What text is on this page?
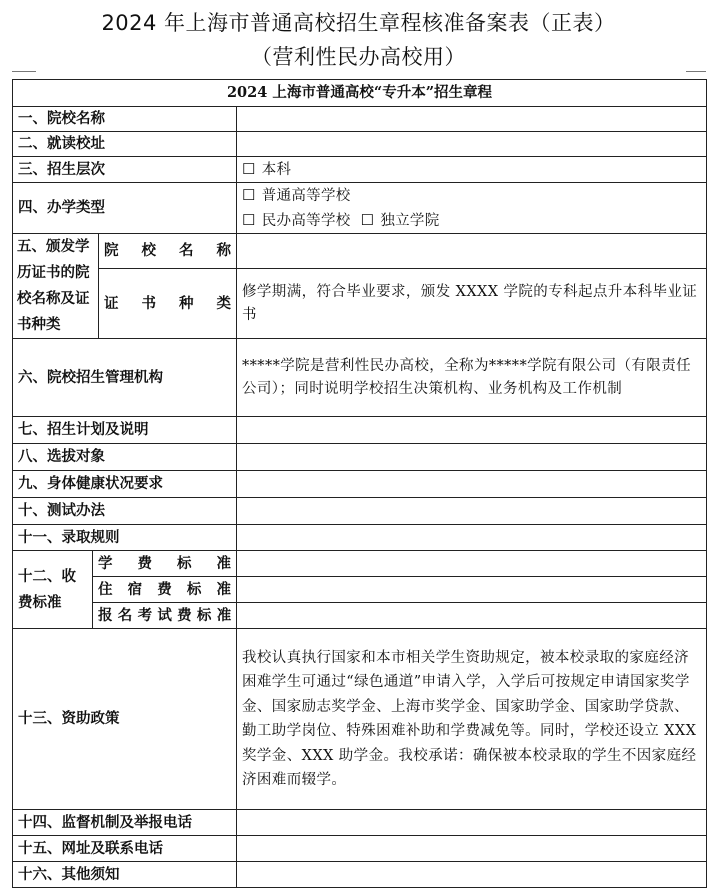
2024 年上海市普通高校招生章程核准备案表（正表）
（营利性民办高校用）
2024 上海市普通高校“专升本”招生章程			
一、院校名称			
二、就读校址			
三、招生层次			☐ 本科
四、办学类型			☐ 普通高等学校
☐ 民办高等学校 ☐ 独立学院

五、颁发学历证书的院校名称及证书种类		院校名称	
		证书种类	修学期满，符合毕业要求，颁发 XXXX 学院的专科起点升本科毕业证书
六、院校招生管理机构			*****学院是营利性民办高校，全称为*****学院有限公司（有限责任公司）；同时说明学校招生决策机构、业务机构及工作机制
七、招生计划及说明			
八、选拔对象			
九、身体健康状况要求			
十、测试办法			
十一、录取规则			
十二、收费标准	学费标准		
	住宿费标准		
	报名考试费标准		
十三、资助政策			我校认真执行国家和本市相关学生资助规定，被本校录取的家庭经济困难学生可通过“绿色通道”申请入学，入学后可按规定申请国家奖学金、国家励志奖学金、上海市奖学金、国家助学金、国家助学贷款、勤工助学岗位、特殊困难补助和学费减免等。同时，学校还设立 XXX 奖学金、XXX 助学金。我校承诺：确保被本校录取的学生不因家庭经济困难而辍学。
十四、监督机制及举报电话			
十五、网址及联系电话			
十六、其他须知			
